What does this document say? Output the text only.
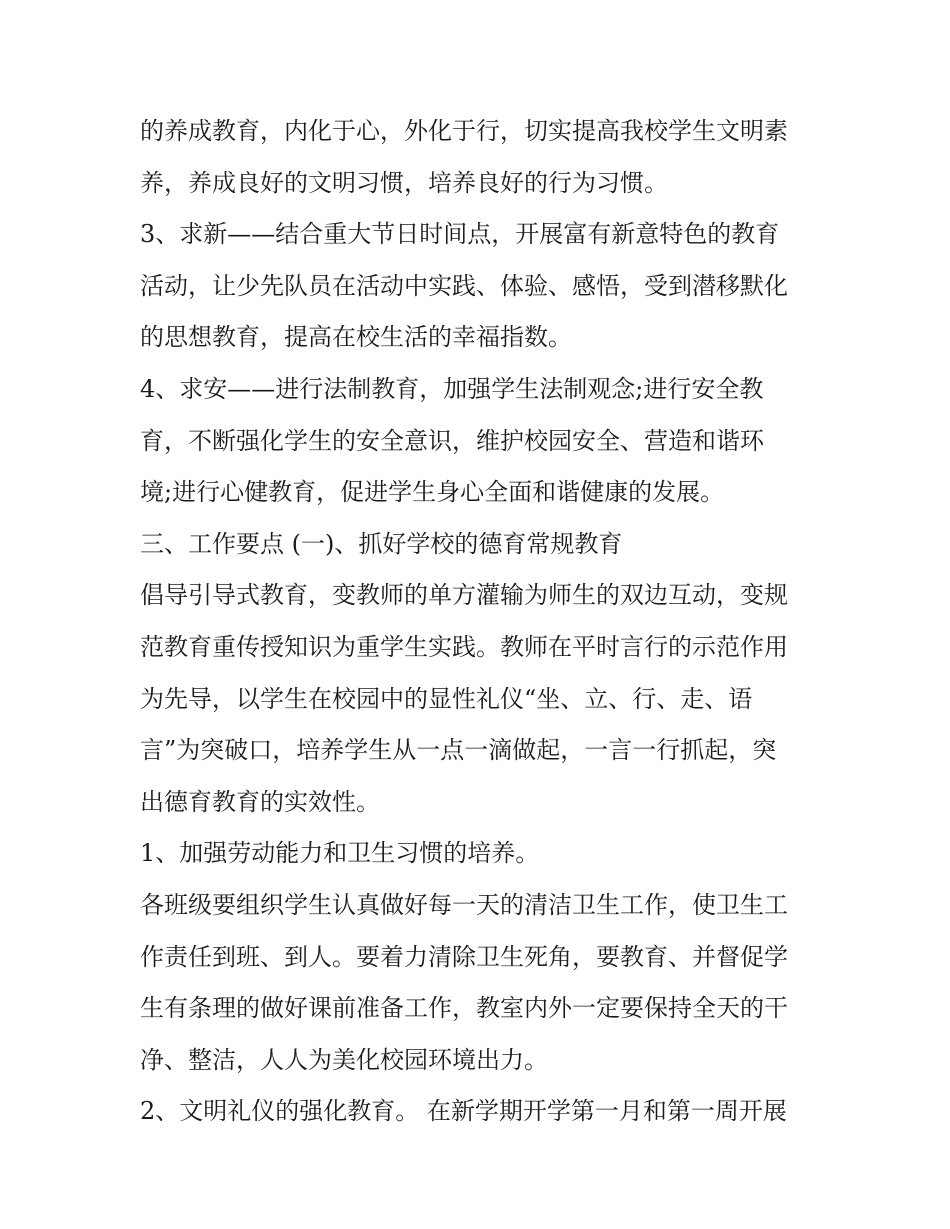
的养成教育，内化于心，外化于行，切实提高我校学生文明素
养，养成良好的文明习惯，培养良好的行为习惯。
3、求新——结合重大节日时间点，开展富有新意特色的教育
活动，让少先队员在活动中实践、体验、感悟，受到潜移默化
的思想教育，提高在校生活的幸福指数。
4、求安——进行法制教育，加强学生法制观念;进行安全教
育，不断强化学生的安全意识，维护校园安全、营造和谐环
境;进行心健教育，促进学生身心全面和谐健康的发展。
三、工作要点 (一)、抓好学校的德育常规教育
倡导引导式教育，变教师的单方灌输为师生的双边互动，变规
范教育重传授知识为重学生实践。教师在平时言行的示范作用
为先导，以学生在校园中的显性礼仪“坐、立、行、走、语
言”为突破口，培养学生从一点一滴做起，一言一行抓起，突
出德育教育的实效性。
1、加强劳动能力和卫生习惯的培养。
各班级要组织学生认真做好每一天的清洁卫生工作，使卫生工
作责任到班、到人。要着力清除卫生死角，要教育、并督促学
生有条理的做好课前准备工作，教室内外一定要保持全天的干
净、整洁，人人为美化校园环境出力。
2、文明礼仪的强化教育。 在新学期开学第一月和第一周开展
